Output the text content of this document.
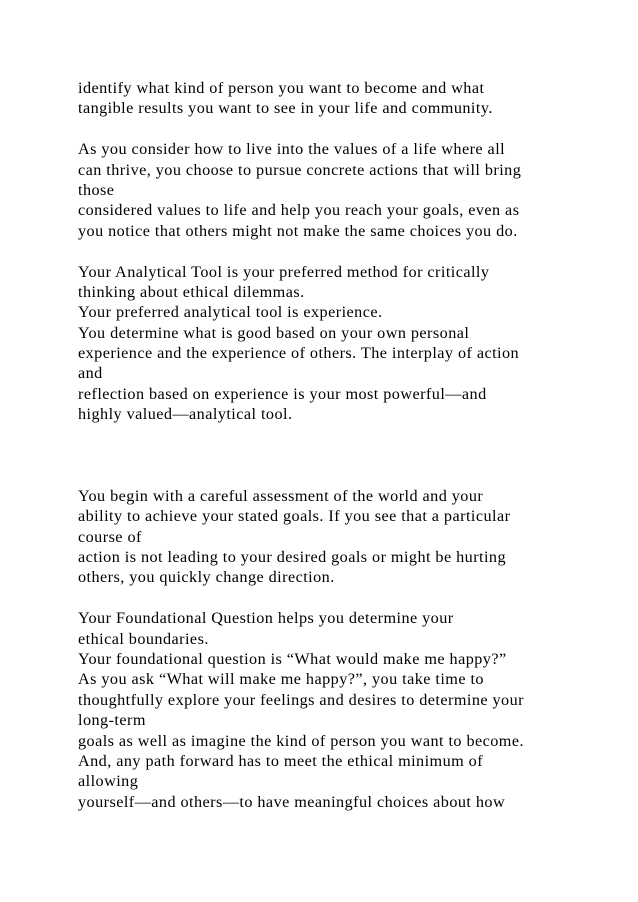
identify what kind of person you want to become and what
tangible results you want to see in your life and community.
As you consider how to live into the values of a life where all
can thrive, you choose to pursue concrete actions that will bring
those
considered values to life and help you reach your goals, even as
you notice that others might not make the same choices you do.
Your Analytical Tool is your preferred method for critically
thinking about ethical dilemmas.
Your preferred analytical tool is experience.
You determine what is good based on your own personal
experience and the experience of others. The interplay of action
and
reflection based on experience is your most powerful—and
highly valued—analytical tool.
You begin with a careful assessment of the world and your
ability to achieve your stated goals. If you see that a particular
course of
action is not leading to your desired goals or might be hurting
others, you quickly change direction.
Your Foundational Question helps you determine your
ethical boundaries.
Your foundational question is “What would make me happy?”
As you ask “What will make me happy?”, you take time to
thoughtfully explore your feelings and desires to determine your
long-term
goals as well as imagine the kind of person you want to become.
And, any path forward has to meet the ethical minimum of
allowing
yourself—and others—to have meaningful choices about how
